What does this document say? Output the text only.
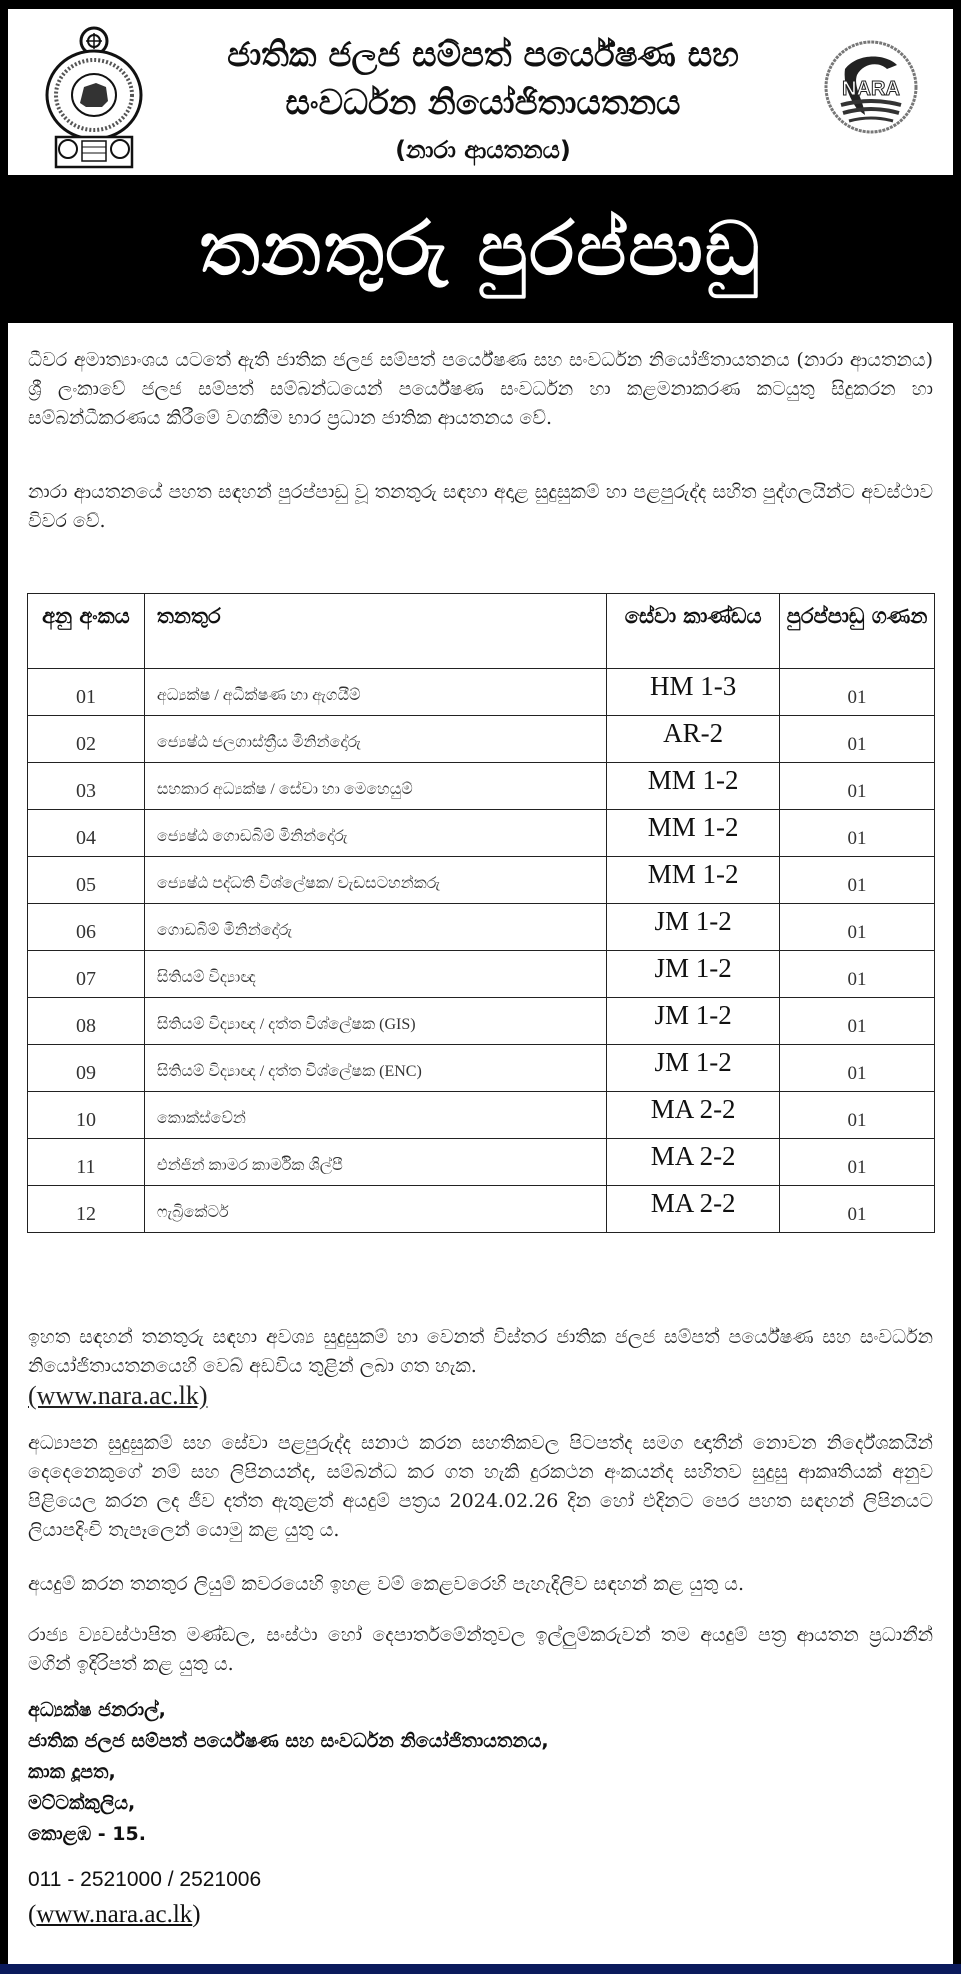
ජාතික ජලජ සම්පත් පර්යේෂණ සහ
සංවර්ධන නියෝජිතායතනය
(නාරා ආයතනය)
NARA
තනතුරු පුරප්පාඩු

ධීවර අමාත්‍යාංශය යටතේ ඇති ජාතික ජලජ සම්පත් පර්යේෂණ සහ සංවර්ධන නියෝජිතායතනය (නාරා ආයතනය) ශ්‍රී ලංකාවේ ජලජ සම්පත් සම්බන්ධයෙන් පර්යේෂණ සංවර්ධන හා කළමනාකරණ කටයුතු සිදුකරන හා සම්බන්ධීකරණය කිරීමේ වගකීම භාර ප්‍රධාන ජාතික ආයතනය වේ.

නාරා ආයතනයේ පහත සඳහන් පුරප්පාඩු වූ තනතුරු සඳහා අදාළ සුදුසුකම් හා පළපුරුද්ද සහිත පුද්ගලයින්ට අවස්ථාව විවර වේ.

අනු අංකය	තනතුර	සේවා කාණ්ඩය	පුරප්පාඩු ගණන
01	අධ්‍යක්ෂ / අධීක්ෂණ හා ඇගයීම්	HM 1-3	01
02	ජ්‍යෙෂ්ඨ ජලගාස්ත්‍රීය මිනින්දෝරු	AR-2	01
03	සහකාර අධ්‍යක්ෂ / සේවා හා මෙහෙයුම්	MM 1-2	01
04	ජ්‍යෙෂ්ඨ ගොඩබිම් මිනින්දෝරු	MM 1-2	01
05	ජ්‍යෙෂ්ඨ පද්ධති විශ්ලේෂක/ වැඩසටහන්කරු	MM 1-2	01
06	ගොඩබිම් මිනින්දෝරු	JM 1-2	01
07	සිතියම් විද්‍යාඥ	JM 1-2	01
08	සිතියම් විද්‍යාඥ / දත්ත විශ්ලේෂක (GIS)	JM 1-2	01
09	සිතියම් විද්‍යාඥ / දත්ත විශ්ලේෂක (ENC)	JM 1-2	01
10	කොක්ස්වේන්	MA 2-2	01
11	එන්ජින් කාමර කාර්මික ශිල්පී	MA 2-2	01
12	ෆැබ්‍රිකේටර්	MA 2-2	01

ඉහත සඳහන් තනතුරු සඳහා අවශ්‍ය සුදුසුකම් හා වෙනත් විස්තර ජාතික ජලජ සම්පත් පර්යේෂණ සහ සංවර්ධන නියෝජිතායතනයෙහි වෙබ් අඩවිය තුළින් ලබා ගත හැක.
(www.nara.ac.lk)

අධ්‍යාපන සුදුසුකම් සහ සේවා පළපුරුද්ද සනාථ කරන සහතිකවල පිටපත්ද සමග ඥාතීන් නොවන නිර්දේශකයින් දෙදෙනෙකුගේ නම් සහ ලිපිනයන්ද, සම්බන්ධ කර ගත හැකි දුරකථන අංකයන්ද සහිතව සුදුසු ආකෘතියක් අනුව පිළියෙල කරන ලද ජීව දත්ත ඇතුළත් අයදුම් පත්‍රය 2024.02.26 දින හෝ එදිනට පෙර පහත සඳහන් ලිපිනයට ලියාපදිංචි තැපෑලෙන් යොමු කළ යුතු ය.

අයදුම් කරන තනතුර ලියුම් කවරයෙහි ඉහළ වම් කෙළවරෙහි පැහැදිලිව සඳහන් කළ යුතු ය.

රාජ්‍ය ව්‍යවස්ථාපිත මණ්ඩල, සංස්ථා හෝ දෙපාර්තමේන්තුවල ඉල්ලුම්කරුවන් තම අයදුම් පත්‍ර ආයතන ප්‍රධානීන් මගින් ඉදිරිපත් කළ යුතු ය.

අධ්‍යක්ෂ ජනරාල්,
ජාතික ජලජ සම්පත් පර්යේෂණ සහ සංවර්ධන නියෝජිතායතනය,
කාක දූපත,
මට්ටක්කුලිය,
කොළඹ - 15.
011 - 2521000 / 2521006
(www.nara.ac.lk)
